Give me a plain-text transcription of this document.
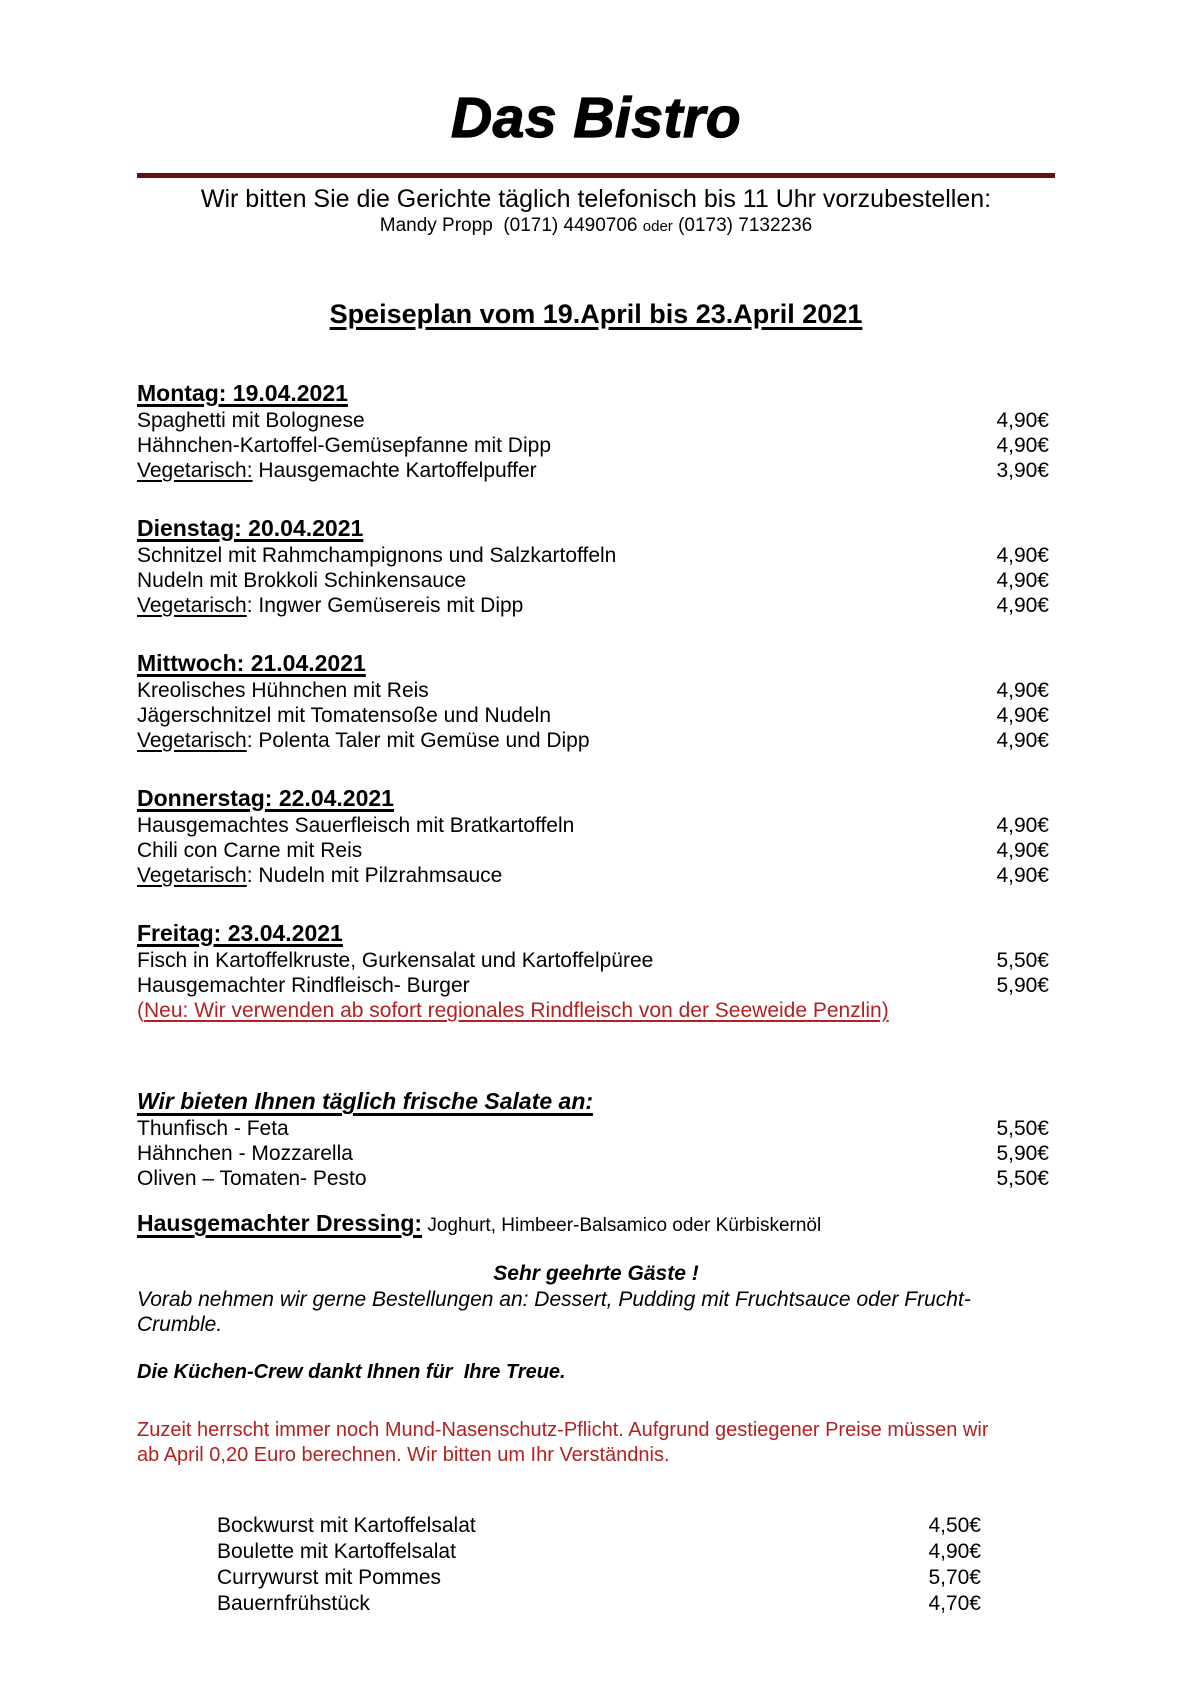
Das Bistro
Wir bitten Sie die Gerichte täglich telefonisch bis 11 Uhr vorzubestellen:
Mandy Propp  (0171) 4490706 oder (0173) 7132236
Speiseplan vom 19.April bis 23.April 2021
Montag: 19.04.2021
Spaghetti mit Bolognese	4,90€
Hähnchen-Kartoffel-Gemüsepfanne mit Dipp	4,90€
Vegetarisch: Hausgemachte Kartoffelpuffer	3,90€
Dienstag: 20.04.2021
Schnitzel mit Rahmchampignons und Salzkartoffeln	4,90€
Nudeln mit Brokkoli Schinkensauce	4,90€
Vegetarisch: Ingwer Gemüsereis mit Dipp	4,90€
Mittwoch: 21.04.2021
Kreolisches Hühnchen mit Reis	4,90€
Jägerschnitzel mit Tomatensoße und Nudeln	4,90€
Vegetarisch: Polenta Taler mit Gemüse und Dipp	4,90€
Donnerstag: 22.04.2021
Hausgemachtes Sauerfleisch mit Bratkartoffeln	4,90€
Chili con Carne mit Reis	4,90€
Vegetarisch: Nudeln mit Pilzrahmsauce	4,90€
Freitag: 23.04.2021
Fisch in Kartoffelkruste, Gurkensalat und Kartoffelpüree	5,50€
Hausgemachter Rindfleisch- Burger	5,90€
(Neu: Wir verwenden ab sofort regionales Rindfleisch von der Seeweide Penzlin)
Wir bieten Ihnen täglich frische Salate an:
Thunfisch - Feta	5,50€
Hähnchen - Mozzarella	5,90€
Oliven – Tomaten- Pesto	5,50€
Hausgemachter Dressing: Joghurt, Himbeer-Balsamico oder Kürbiskernöl
Sehr geehrte Gäste !
Vorab nehmen wir gerne Bestellungen an: Dessert, Pudding mit Fruchtsauce oder Frucht-Crumble.
Die Küchen-Crew dankt Ihnen für  Ihre Treue.
Zuzeit herrscht immer noch Mund-Nasenschutz-Pflicht. Aufgrund gestiegener Preise müssen wir
ab April 0,20 Euro berechnen. Wir bitten um Ihr Verständnis.
Bockwurst mit Kartoffelsalat	4,50€
Boulette mit Kartoffelsalat	4,90€
Currywurst mit Pommes	5,70€
Bauernfrühstück	4,70€
